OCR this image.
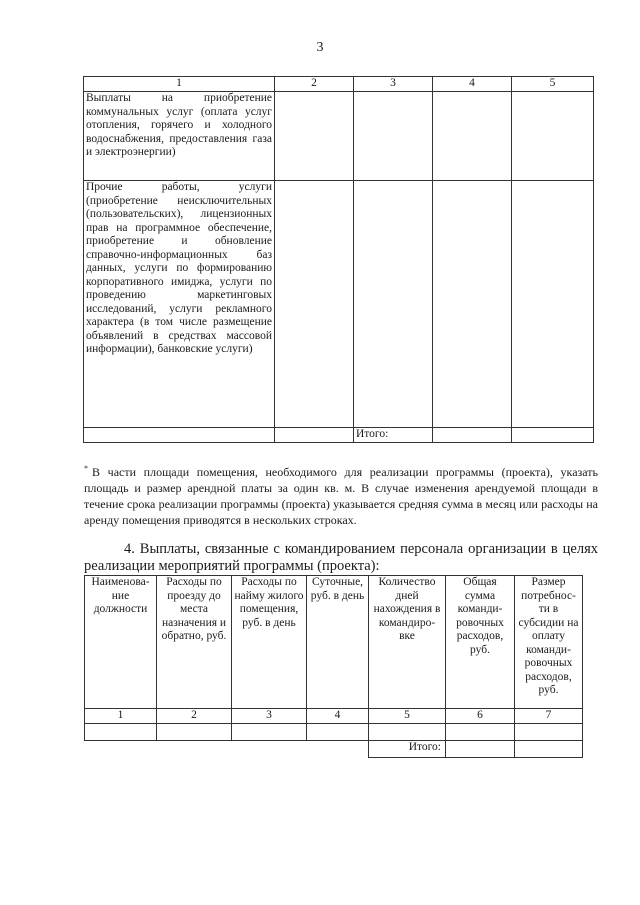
3
1	2	3	4	5
Выплаты на приобретение коммунальных услуг (оплата услуг отопления, горячего и холодного водоснабжения, предоставления газа и электроэнергии)				
Прочие работы, услуги (приобретение неисключительных (пользовательских), лицензионных прав на программное обеспечение, приобретение и обновление справочно-информационных баз данных, услуги по формированию корпоративного имиджа, услуги по проведению маркетинговых исследований, услуги рекламного характера (в том числе размещение объявлений в средствах массовой информации), банковские услуги)				
		Итого:		
* В части площади помещения, необходимого для реализации программы (проекта), указать площадь и размер арендной платы за один кв. м. В случае изменения арендуемой площади в течение срока реализации программы (проекта) указывается средняя сумма в месяц или расходы на аренду помещения приводятся в нескольких строках.
4. Выплаты, связанные с командированием персонала организации в целях реализации мероприятий программы (проекта):
Наименова-ние должности	Расходы по проезду до места назначения и обратно, руб.	Расходы по найму жилого помещения, руб. в день	Суточные, руб. в день	Количество дней нахождения в командиро-вке	Общая сумма команди-ровочных расходов, руб.	Размер потребнос-ти в субсидии на оплату команди-ровочных расходов, руб.
1	2	3	4	5	6	7

				Итого:		
